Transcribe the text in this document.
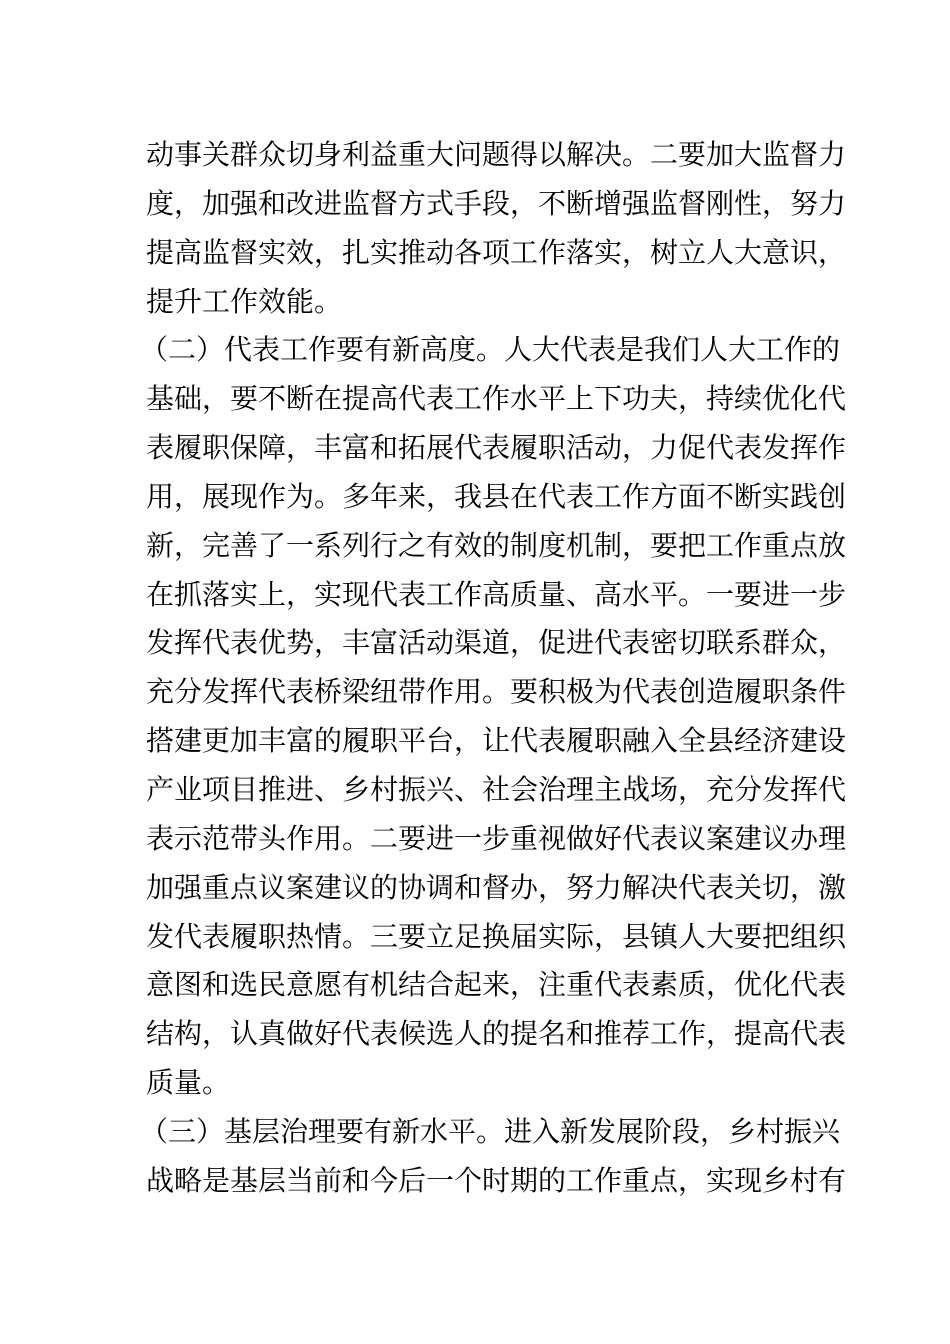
动事关群众切身利益重大问题得以解决。二要加大监督力
度，加强和改进监督方式手段，不断增强监督刚性，努力
提高监督实效，扎实推动各项工作落实，树立人大意识，
提升工作效能。
（二）代表工作要有新高度。人大代表是我们人大工作的
基础，要不断在提高代表工作水平上下功夫，持续优化代
表履职保障，丰富和拓展代表履职活动，力促代表发挥作
用，展现作为。多年来，我县在代表工作方面不断实践创
新，完善了一系列行之有效的制度机制，要把工作重点放
在抓落实上，实现代表工作高质量、高水平。一要进一步
发挥代表优势，丰富活动渠道，促进代表密切联系群众，
充分发挥代表桥梁纽带作用。要积极为代表创造履职条件
搭建更加丰富的履职平台，让代表履职融入全县经济建设
产业项目推进、乡村振兴、社会治理主战场，充分发挥代
表示范带头作用。二要进一步重视做好代表议案建议办理
加强重点议案建议的协调和督办，努力解决代表关切，激
发代表履职热情。三要立足换届实际，县镇人大要把组织
意图和选民意愿有机结合起来，注重代表素质，优化代表
结构，认真做好代表候选人的提名和推荐工作，提高代表
质量。
（三）基层治理要有新水平。进入新发展阶段，乡村振兴
战略是基层当前和今后一个时期的工作重点，实现乡村有
